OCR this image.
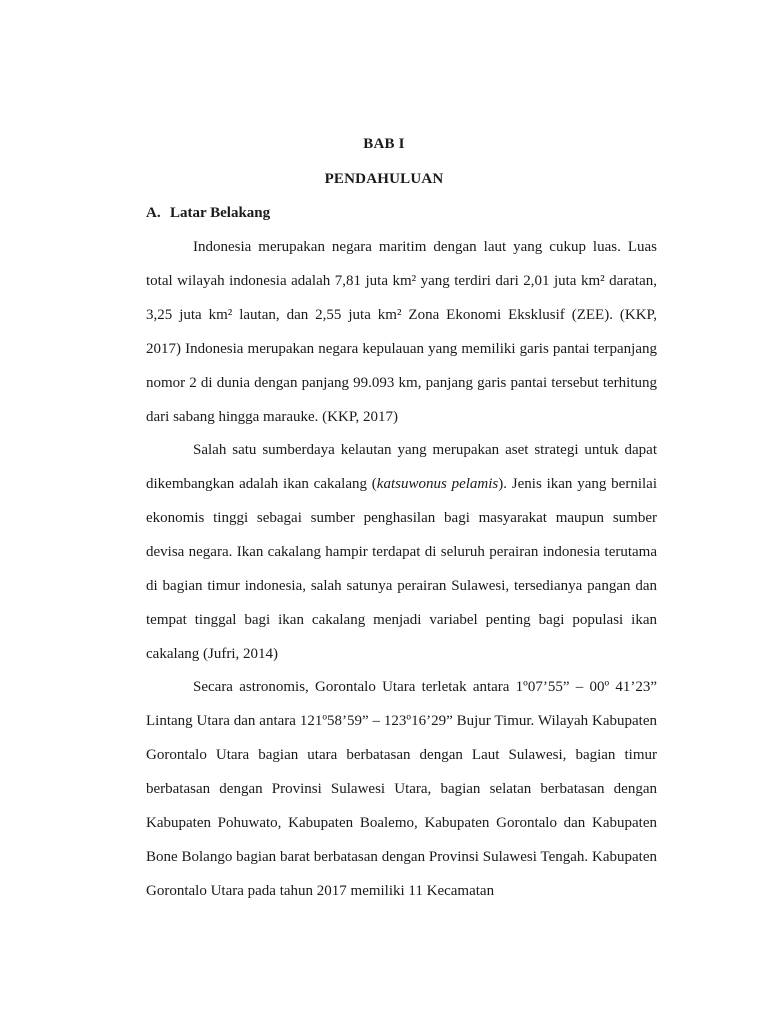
BAB I
PENDAHULUAN
A. Latar Belakang

Indonesia merupakan negara maritim dengan laut yang cukup luas. Luas total wilayah indonesia adalah 7,81 juta km² yang terdiri dari 2,01 juta km² daratan, 3,25 juta km² lautan, dan 2,55 juta km² Zona Ekonomi Eksklusif (ZEE). (KKP, 2017) Indonesia merupakan negara kepulauan yang memiliki garis pantai terpanjang nomor 2 di dunia dengan panjang 99.093 km, panjang garis pantai tersebut terhitung dari sabang hingga marauke. (KKP, 2017)

Salah satu sumberdaya kelautan yang merupakan aset strategi untuk dapat dikembangkan adalah ikan cakalang (katsuwonus pelamis). Jenis ikan yang bernilai ekonomis tinggi sebagai sumber penghasilan bagi masyarakat maupun sumber devisa negara. Ikan cakalang hampir terdapat di seluruh perairan indonesia terutama di bagian timur indonesia, salah satunya perairan Sulawesi, tersedianya pangan dan tempat tinggal bagi ikan cakalang menjadi variabel penting bagi populasi ikan cakalang (Jufri, 2014)

Secara astronomis, Gorontalo Utara terletak antara 1º07’55” – 00º 41’23” Lintang Utara dan antara 121º58’59” – 123º16’29” Bujur Timur. Wilayah Kabupaten Gorontalo Utara bagian utara berbatasan dengan Laut Sulawesi, bagian timur berbatasan dengan Provinsi Sulawesi Utara, bagian selatan berbatasan dengan Kabupaten Pohuwato, Kabupaten Boalemo, Kabupaten Gorontalo dan Kabupaten Bone Bolango bagian barat berbatasan dengan Provinsi Sulawesi Tengah. Kabupaten Gorontalo Utara pada tahun 2017 memiliki 11 Kecamatan
